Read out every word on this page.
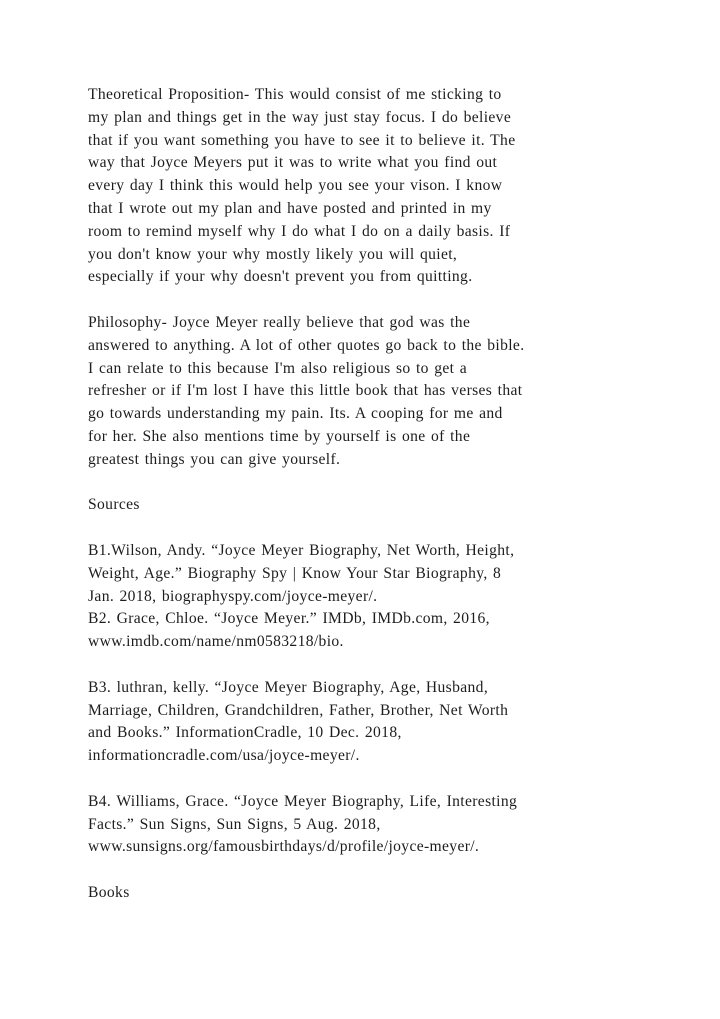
Theoretical Proposition- This would consist of me sticking to
my plan and things get in the way just stay focus. I do believe
that if you want something you have to see it to believe it. The
way that Joyce Meyers put it was to write what you find out
every day I think this would help you see your vison. I know
that I wrote out my plan and have posted and printed in my
room to remind myself why I do what I do on a daily basis. If
you don't know your why mostly likely you will quiet,
especially if your why doesn't prevent you from quitting.

Philosophy- Joyce Meyer really believe that god was the
answered to anything. A lot of other quotes go back to the bible.
I can relate to this because I'm also religious so to get a
refresher or if I'm lost I have this little book that has verses that
go towards understanding my pain. Its. A cooping for me and
for her. She also mentions time by yourself is one of the
greatest things you can give yourself.

Sources

B1.Wilson, Andy. “Joyce Meyer Biography, Net Worth, Height,
Weight, Age.” Biography Spy | Know Your Star Biography, 8
Jan. 2018, biographyspy.com/joyce-meyer/.
B2. Grace, Chloe. “Joyce Meyer.” IMDb, IMDb.com, 2016,
www.imdb.com/name/nm0583218/bio.

B3. luthran, kelly. “Joyce Meyer Biography, Age, Husband,
Marriage, Children, Grandchildren, Father, Brother, Net Worth
and Books.” InformationCradle, 10 Dec. 2018,
informationcradle.com/usa/joyce-meyer/.

B4. Williams, Grace. “Joyce Meyer Biography, Life, Interesting
Facts.” Sun Signs, Sun Signs, 5 Aug. 2018,
www.sunsigns.org/famousbirthdays/d/profile/joyce-meyer/.

Books
